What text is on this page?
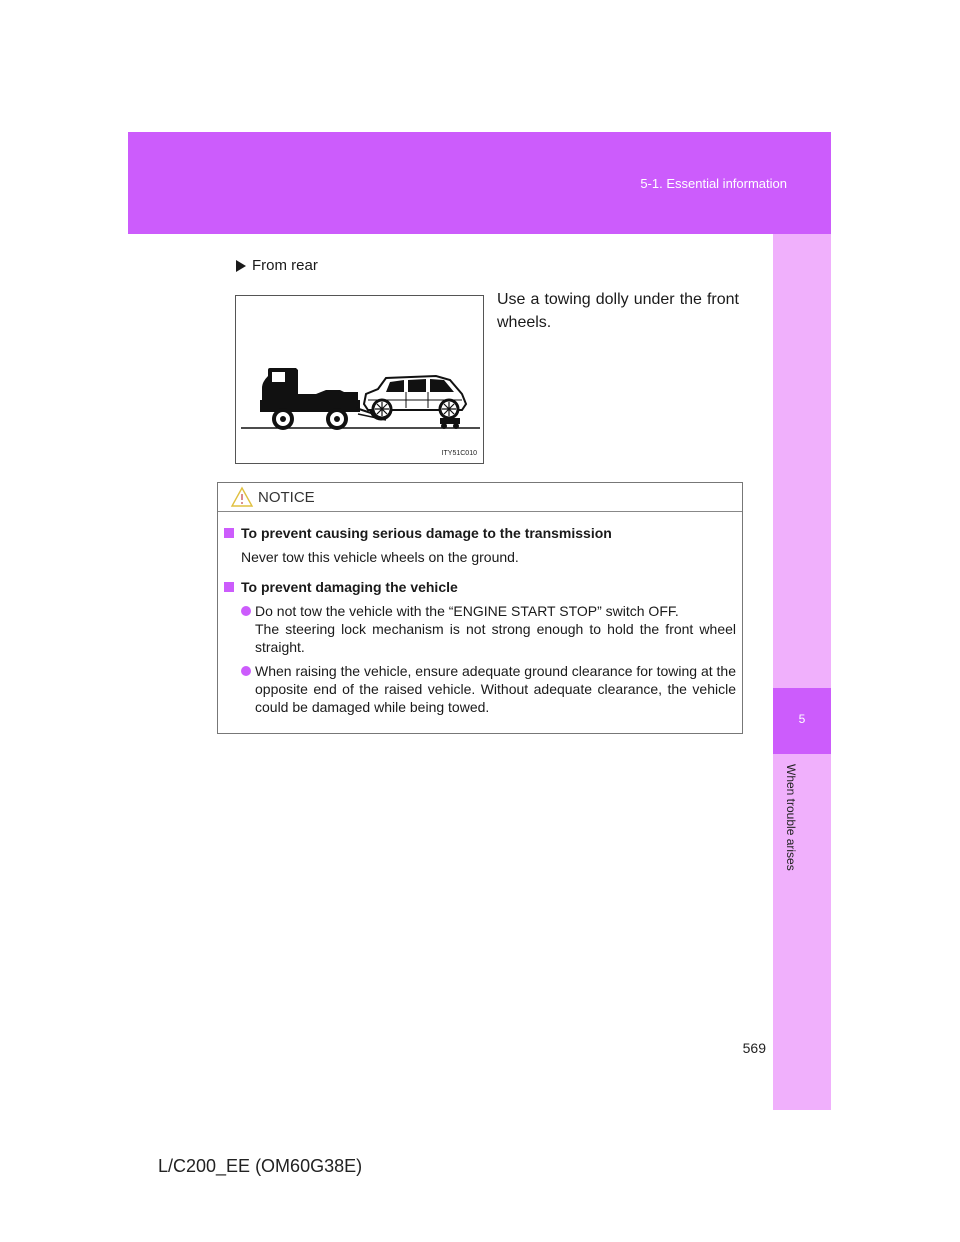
5-1. Essential information
5
When trouble arises
From rear

Use a towing dolly under the front wheels.

ITY51C010
NOTICE
To prevent causing serious damage to the transmission
Never tow this vehicle wheels on the ground.
To prevent damaging the vehicle
Do not tow the vehicle with the “ENGINE START STOP” switch OFF.
The steering lock mechanism is not strong enough to hold the front wheel straight.
When raising the vehicle, ensure adequate ground clearance for towing at the opposite end of the raised vehicle. Without adequate clearance, the vehicle could be damaged while being towed.
569
L/C200_EE (OM60G38E)
